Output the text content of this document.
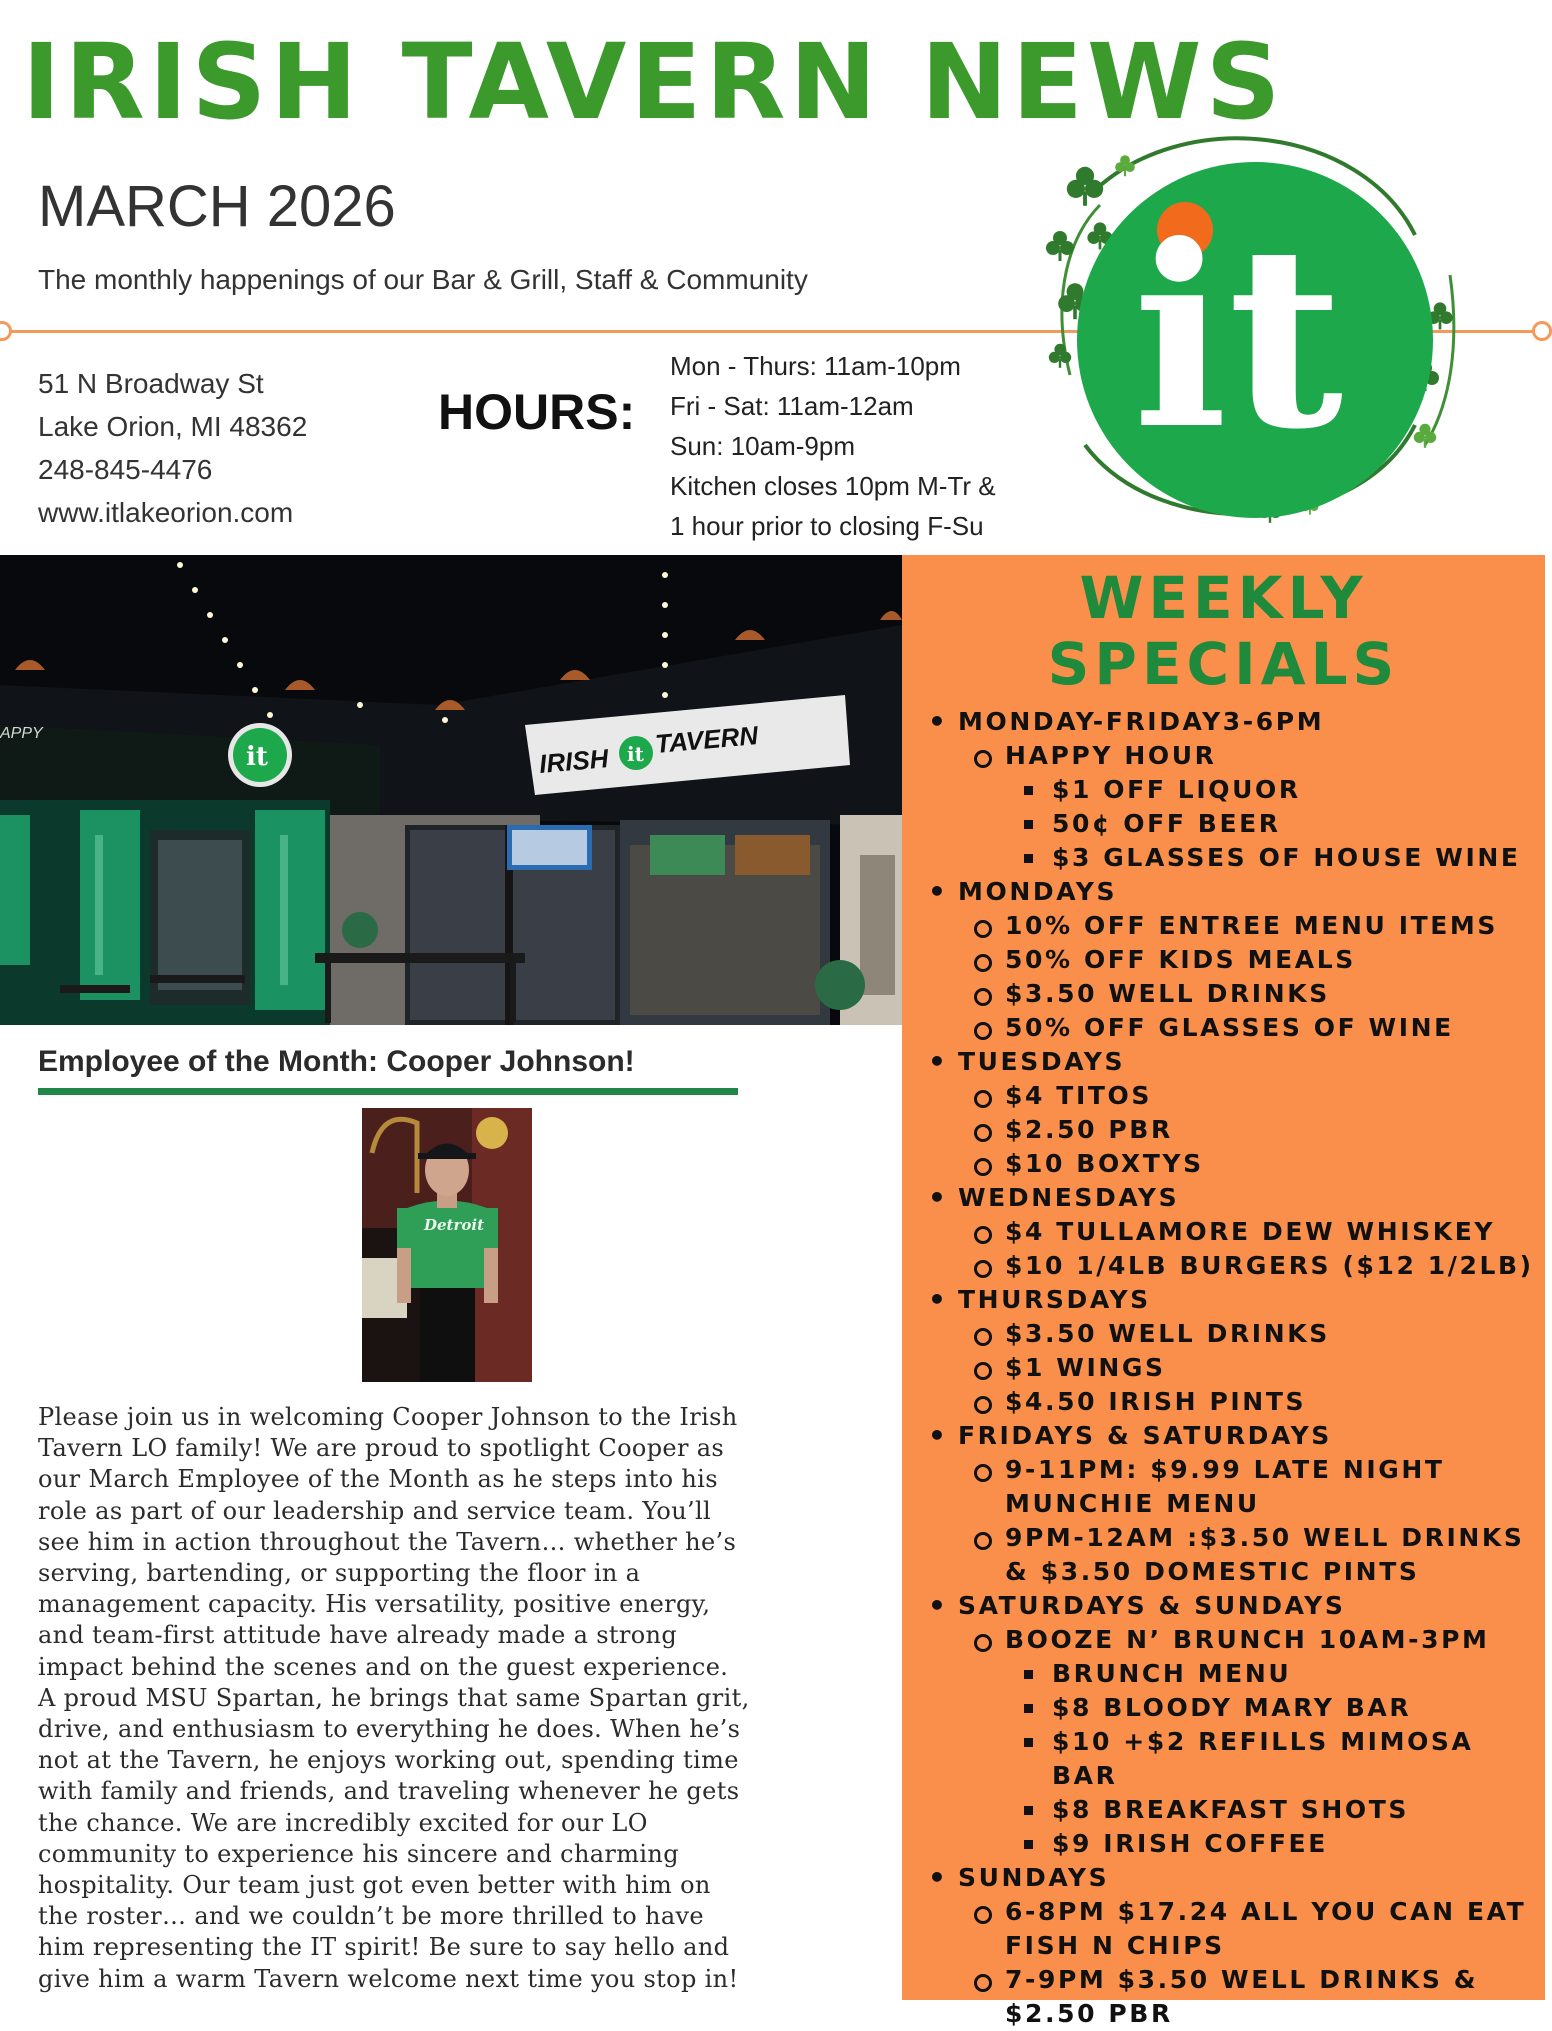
IRISH TAVERN NEWS
MARCH 2026
The monthly happenings of our Bar & Grill, Staff & Community
51 N Broadway St
Lake Orion, MI 48362
248-845-4476
www.itlakeorion.com
HOURS:
Mon - Thurs: 11am-10pm
Fri - Sat: 11am-12am
Sun: 10am-9pm
Kitchen closes 10pm M-Tr &
1 hour prior to closing F-Su
it
IRISH it TAVERN
it
APPY
Employee of the Month: Cooper Johnson!
Detroit
Please join us in welcoming Cooper Johnson to the Irish
Tavern LO family! We are proud to spotlight Cooper as
our March Employee of the Month as he steps into his
role as part of our leadership and service team. You’ll
see him in action throughout the Tavern… whether he’s
serving, bartending, or supporting the floor in a
management capacity. His versatility, positive energy,
and team-first attitude have already made a strong
impact behind the scenes and on the guest experience.
A proud MSU Spartan, he brings that same Spartan grit,
drive, and enthusiasm to everything he does. When he’s
not at the Tavern, he enjoys working out, spending time
with family and friends, and traveling whenever he gets
the chance. We are incredibly excited for our LO
community to experience his sincere and charming
hospitality. Our team just got even better with him on
the roster… and we couldn’t be more thrilled to have
him representing the IT spirit! Be sure to say hello and
give him a warm Tavern welcome next time you stop in!
WEEKLY
SPECIALS
• MONDAY-FRIDAY3-6PM
HAPPY HOUR
$1 OFF LIQUOR
50¢ OFF BEER
$3 GLASSES OF HOUSE WINE
• MONDAYS
10% OFF ENTREE MENU ITEMS
50% OFF KIDS MEALS
$3.50 WELL DRINKS
50% OFF GLASSES OF WINE
• TUESDAYS
$4 TITOS
$2.50 PBR
$10 BOXTYS
• WEDNESDAYS
$4 TULLAMORE DEW WHISKEY
$10 1/4LB BURGERS ($12 1/2LB)
• THURSDAYS
$3.50 WELL DRINKS
$1 WINGS
$4.50 IRISH PINTS
• FRIDAYS & SATURDAYS
9-11PM: $9.99 LATE NIGHT MUNCHIE MENU
9PM-12AM :$3.50 WELL DRINKS & $3.50 DOMESTIC PINTS
• SATURDAYS & SUNDAYS
BOOZE N’ BRUNCH 10AM-3PM
BRUNCH MENU
$8 BLOODY MARY BAR
$10 +$2 REFILLS MIMOSA BAR
$8 BREAKFAST SHOTS
$9 IRISH COFFEE
• SUNDAYS
6-8PM $17.24 ALL YOU CAN EAT FISH N CHIPS
7-9PM $3.50 WELL DRINKS & $2.50 PBR
